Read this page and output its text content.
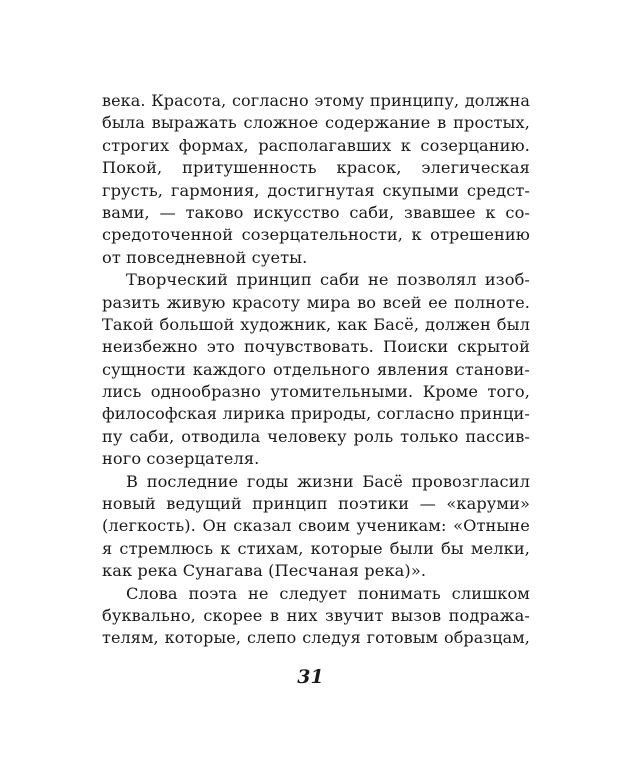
века. Красота, согласно этому принципу, должна
была выражать сложное содержание в простых,
строгих формах, располагавших к созерцанию.
Покой, притушенность красок, элегическая
грусть, гармония, достигнутая скупыми средст-
вами, — таково искусство саби, звавшее к со-
средоточенной созерцательности, к отрешению
от повседневной суеты.
Творческий принцип саби не позволял изоб-
разить живую красоту мира во всей ее полноте.
Такой большой художник, как Басё, должен был
неизбежно это почувствовать. Поиски скрытой
сущности каждого отдельного явления станови-
лись однообразно утомительными. Кроме того,
философская лирика природы, согласно принци-
пу саби, отводила человеку роль только пассив-
ного созерцателя.
В последние годы жизни Басё провозгласил
новый ведущий принцип поэтики — «каруми»
(легкость). Он сказал своим ученикам: «Отныне
я стремлюсь к стихам, которые были бы мелки,
как река Сунагава (Песчаная река)».
Слова поэта не следует понимать слишком
буквально, скорее в них звучит вызов подража-
телям, которые, слепо следуя готовым образцам,
31
